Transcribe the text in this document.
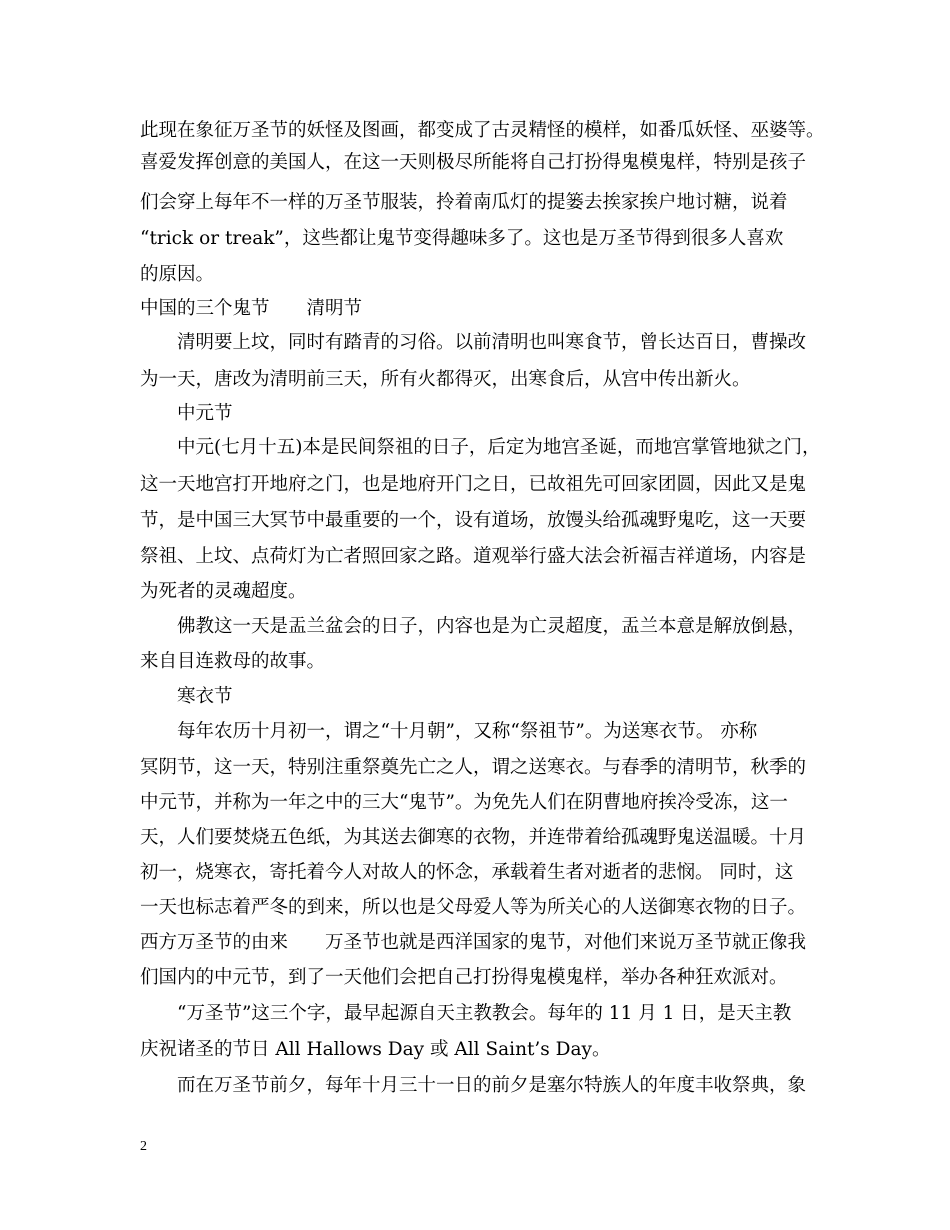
此现在象征万圣节的妖怪及图画，都变成了古灵精怪的模样，如番瓜妖怪、巫婆等。
喜爱发挥创意的美国人，在这一天则极尽所能将自己打扮得鬼模鬼样，特别是孩子
们会穿上每年不一样的万圣节服装，拎着南瓜灯的提篓去挨家挨户地讨糖，说着
“trick or treak”，这些都让鬼节变得趣味多了。这也是万圣节得到很多人喜欢
的原因。
中国的三个鬼节　　清明节
清明要上坟，同时有踏青的习俗。以前清明也叫寒食节，曾长达百日，曹操改
为一天，唐改为清明前三天，所有火都得灭，出寒食后，从宫中传出新火。
中元节
中元(七月十五)本是民间祭祖的日子，后定为地宫圣诞，而地宫掌管地狱之门，
这一天地宫打开地府之门，也是地府开门之日，已故祖先可回家团圆，因此又是鬼
节，是中国三大冥节中最重要的一个，设有道场，放馒头给孤魂野鬼吃，这一天要
祭祖、上坟、点荷灯为亡者照回家之路。道观举行盛大法会祈福吉祥道场，内容是
为死者的灵魂超度。
佛教这一天是盂兰盆会的日子，内容也是为亡灵超度，盂兰本意是解放倒悬，
来自目连救母的故事。
寒衣节
每年农历十月初一，谓之“十月朝”，又称“祭祖节”。为送寒衣节。 亦称
冥阴节，这一天，特别注重祭奠先亡之人，谓之送寒衣。与春季的清明节，秋季的
中元节，并称为一年之中的三大“鬼节”。为免先人们在阴曹地府挨冷受冻，这一
天，人们要焚烧五色纸，为其送去御寒的衣物，并连带着给孤魂野鬼送温暖。十月
初一，烧寒衣，寄托着今人对故人的怀念，承载着生者对逝者的悲悯。 同时，这
一天也标志着严冬的到来，所以也是父母爱人等为所关心的人送御寒衣物的日子。
西方万圣节的由来　　万圣节也就是西洋国家的鬼节，对他们来说万圣节就正像我
们国内的中元节，到了一天他们会把自己打扮得鬼模鬼样，举办各种狂欢派对。
“万圣节”这三个字，最早起源自天主教教会。每年的 11 月 1 日，是天主教
庆祝诸圣的节日 All Hallows Day 或 All Saint’s Day。
而在万圣节前夕，每年十月三十一日的前夕是塞尔特族人的年度丰收祭典，象
2
